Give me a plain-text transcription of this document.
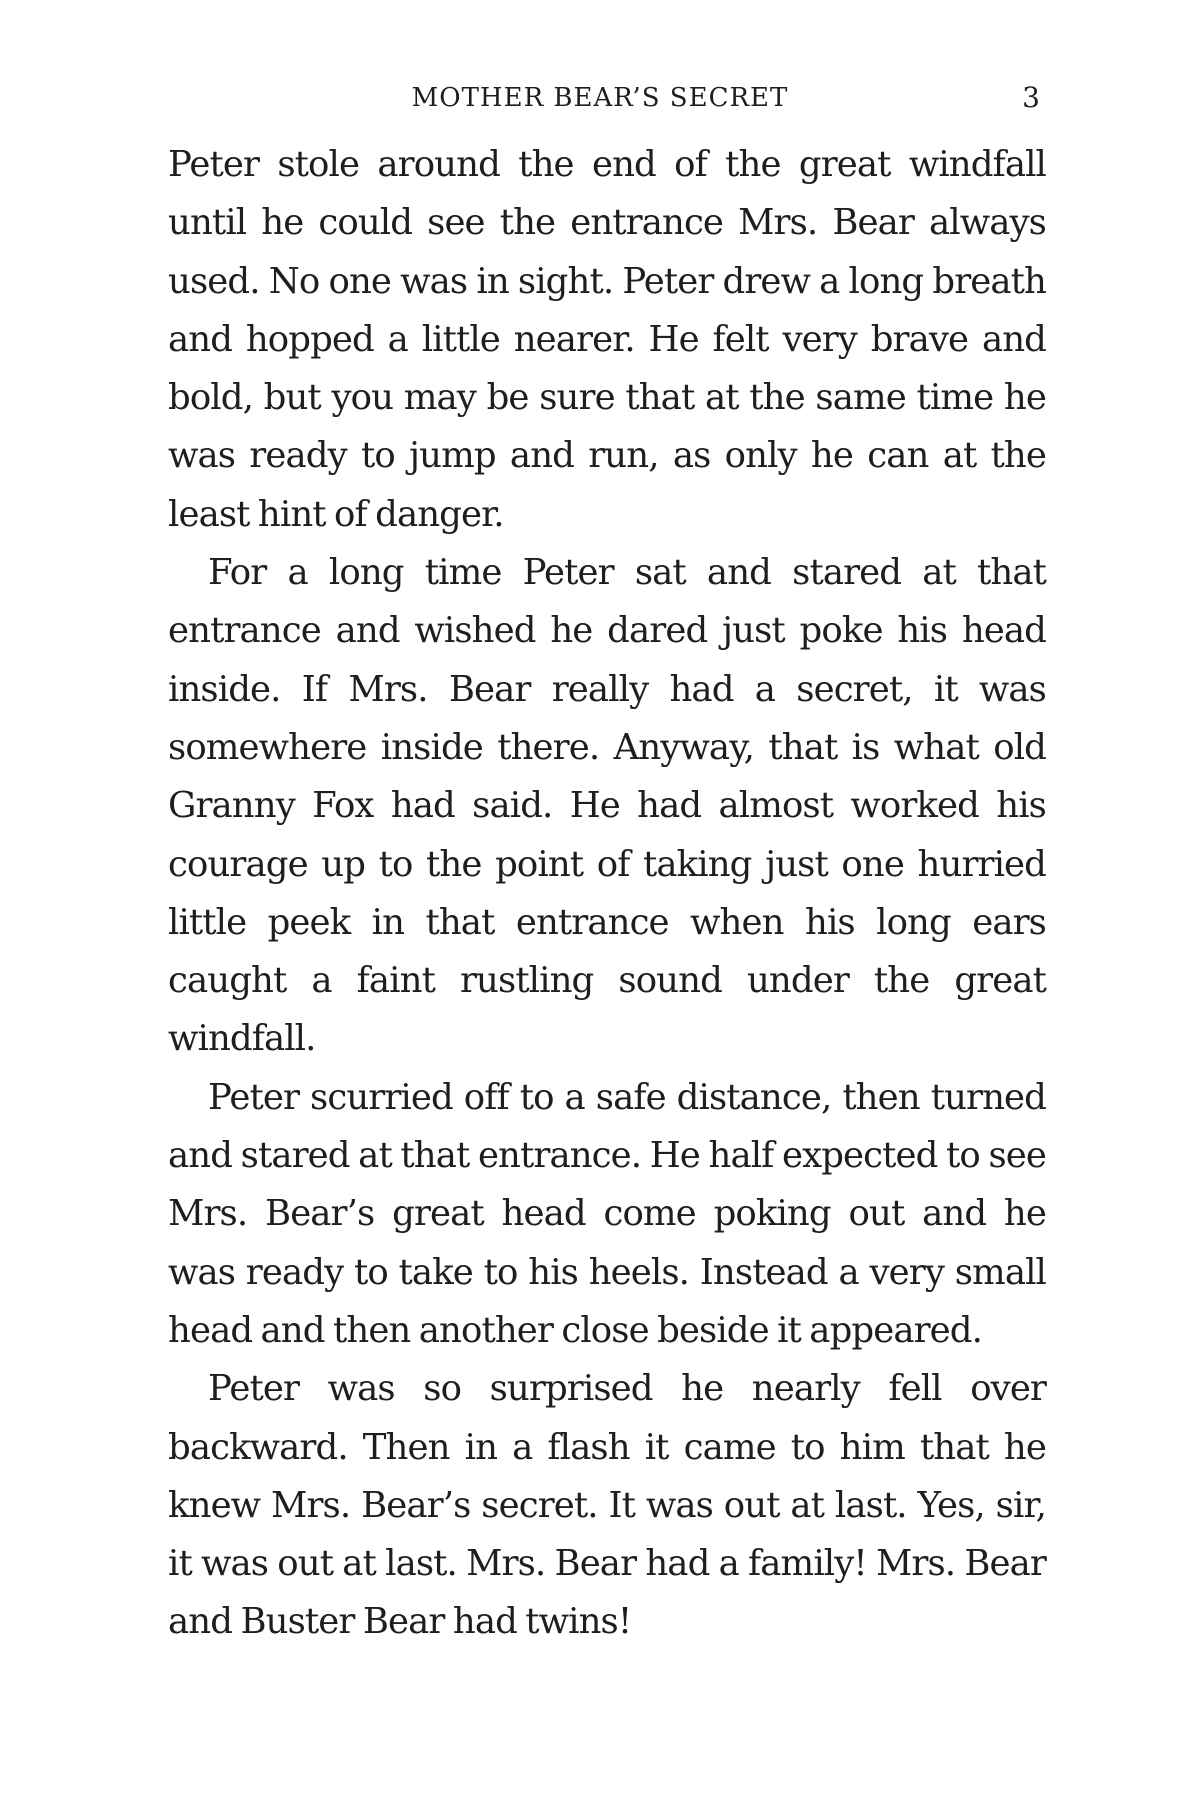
MOTHER BEAR’S SECRET	3

Peter stole around the end of the great windfall until he could see the entrance Mrs. Bear always used. No one was in sight. Peter drew a long breath and hopped a little nearer. He felt very brave and bold, but you may be sure that at the same time he was ready to jump and run, as only he can at the least hint of danger.

For a long time Peter sat and stared at that entrance and wished he dared just poke his head inside. If Mrs. Bear really had a secret, it was somewhere inside there. Anyway, that is what old Granny Fox had said. He had almost worked his courage up to the point of taking just one hurried little peek in that entrance when his long ears caught a faint rustling sound under the great windfall.

Peter scurried off to a safe distance, then turned and stared at that entrance. He half expected to see Mrs. Bear’s great head come poking out and he was ready to take to his heels. Instead a very small head and then another close beside it appeared.

Peter was so surprised he nearly fell over backward. Then in a flash it came to him that he knew Mrs. Bear’s secret. It was out at last. Yes, sir, it was out at last. Mrs. Bear had a family! Mrs. Bear and Buster Bear had twins!
